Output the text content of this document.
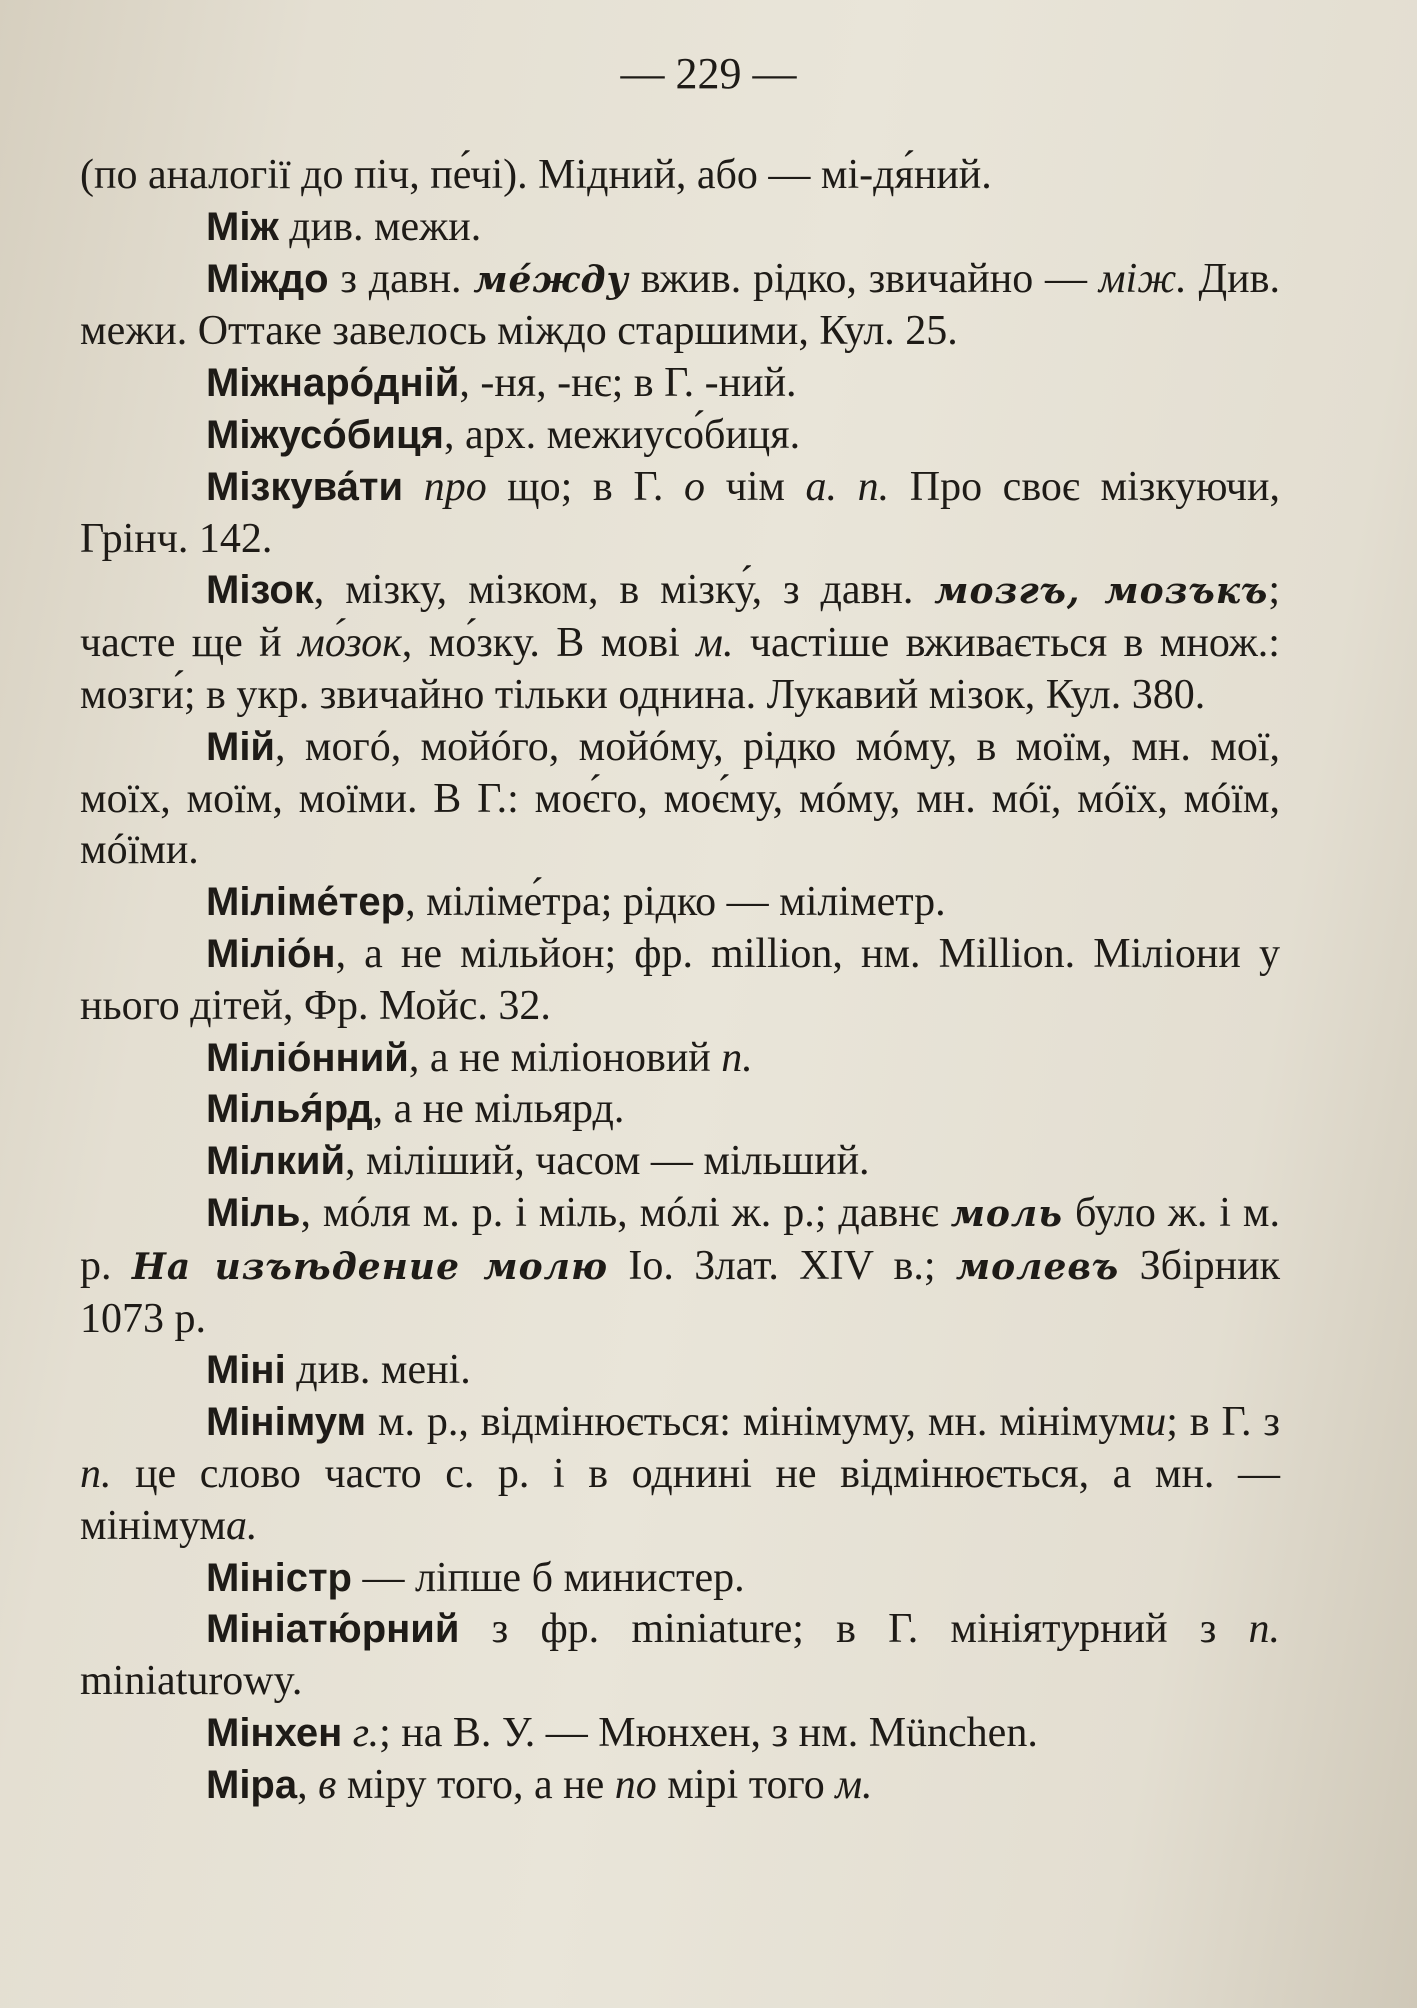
— 229 —

(по аналогії до піч, пе́чі). Мідний, або — мі-дя́ний.

Між див. межи.

Міждо з давн. ме́жду вжив. рідко, звичайно — між. Див. межи. Оттаке завелось міждо старшими, Кул. 25.

Міжнаро́дній, -ня, -нє; в Г. -ний.

Міжусо́биця, арх. межиусо́биця.

Мізкува́ти про що; в Г. о чім а. п. Про своє мізкуючи, Грінч. 142.

Мізок, мізку, мізком, в мізку́, з давн. мозгъ, мозъкъ; часте ще й мо́зок, мо́зку. В мові м. частіше вживається в множ.: мозги́; в укр. звичайно тільки однина. Лукавий мізок, Кул. 380.

Мій, могó, мойóго, мойóму, рідко мóму, в моїм, мн. мої, моїх, моїм, моїми. В Г.: моє́го, моє́му, мóму, мн. мóї, мóїх, мóїм, мóїми.

Міліме́тер, міліме́тра; рідко — міліметр.

Міліо́н, а не мільйон; фр. million, нм. Million. Міліони у нього дітей, Фр. Мойс. 32.

Міліо́нний, а не міліоновий п.

Мілья́рд, а не мільярд.

Мілкий, міліший, часом — мільший.

Міль, мóля м. р. і міль, мóлі ж. р.; давнє моль було ж. і м. р. На изъѣдение молю Іо. Злат. XIV в.; молевъ Збірник 1073 р.

Міні див. мені.

Мінімум м. р., відмінюється: мінімуму, мн. мінімуми; в Г. з п. це слово часто с. р. і в однині не відмінюється, а мн. — мінімума.

Міністр — ліпше б министер.

Мініатю́рний з фр. miniature; в Г. мініятурний з п. miniaturowy.

Мінхен г.; на В. У. — Мюнхен, з нм. München.

Міра, в міру того, а не по мірі того м.
